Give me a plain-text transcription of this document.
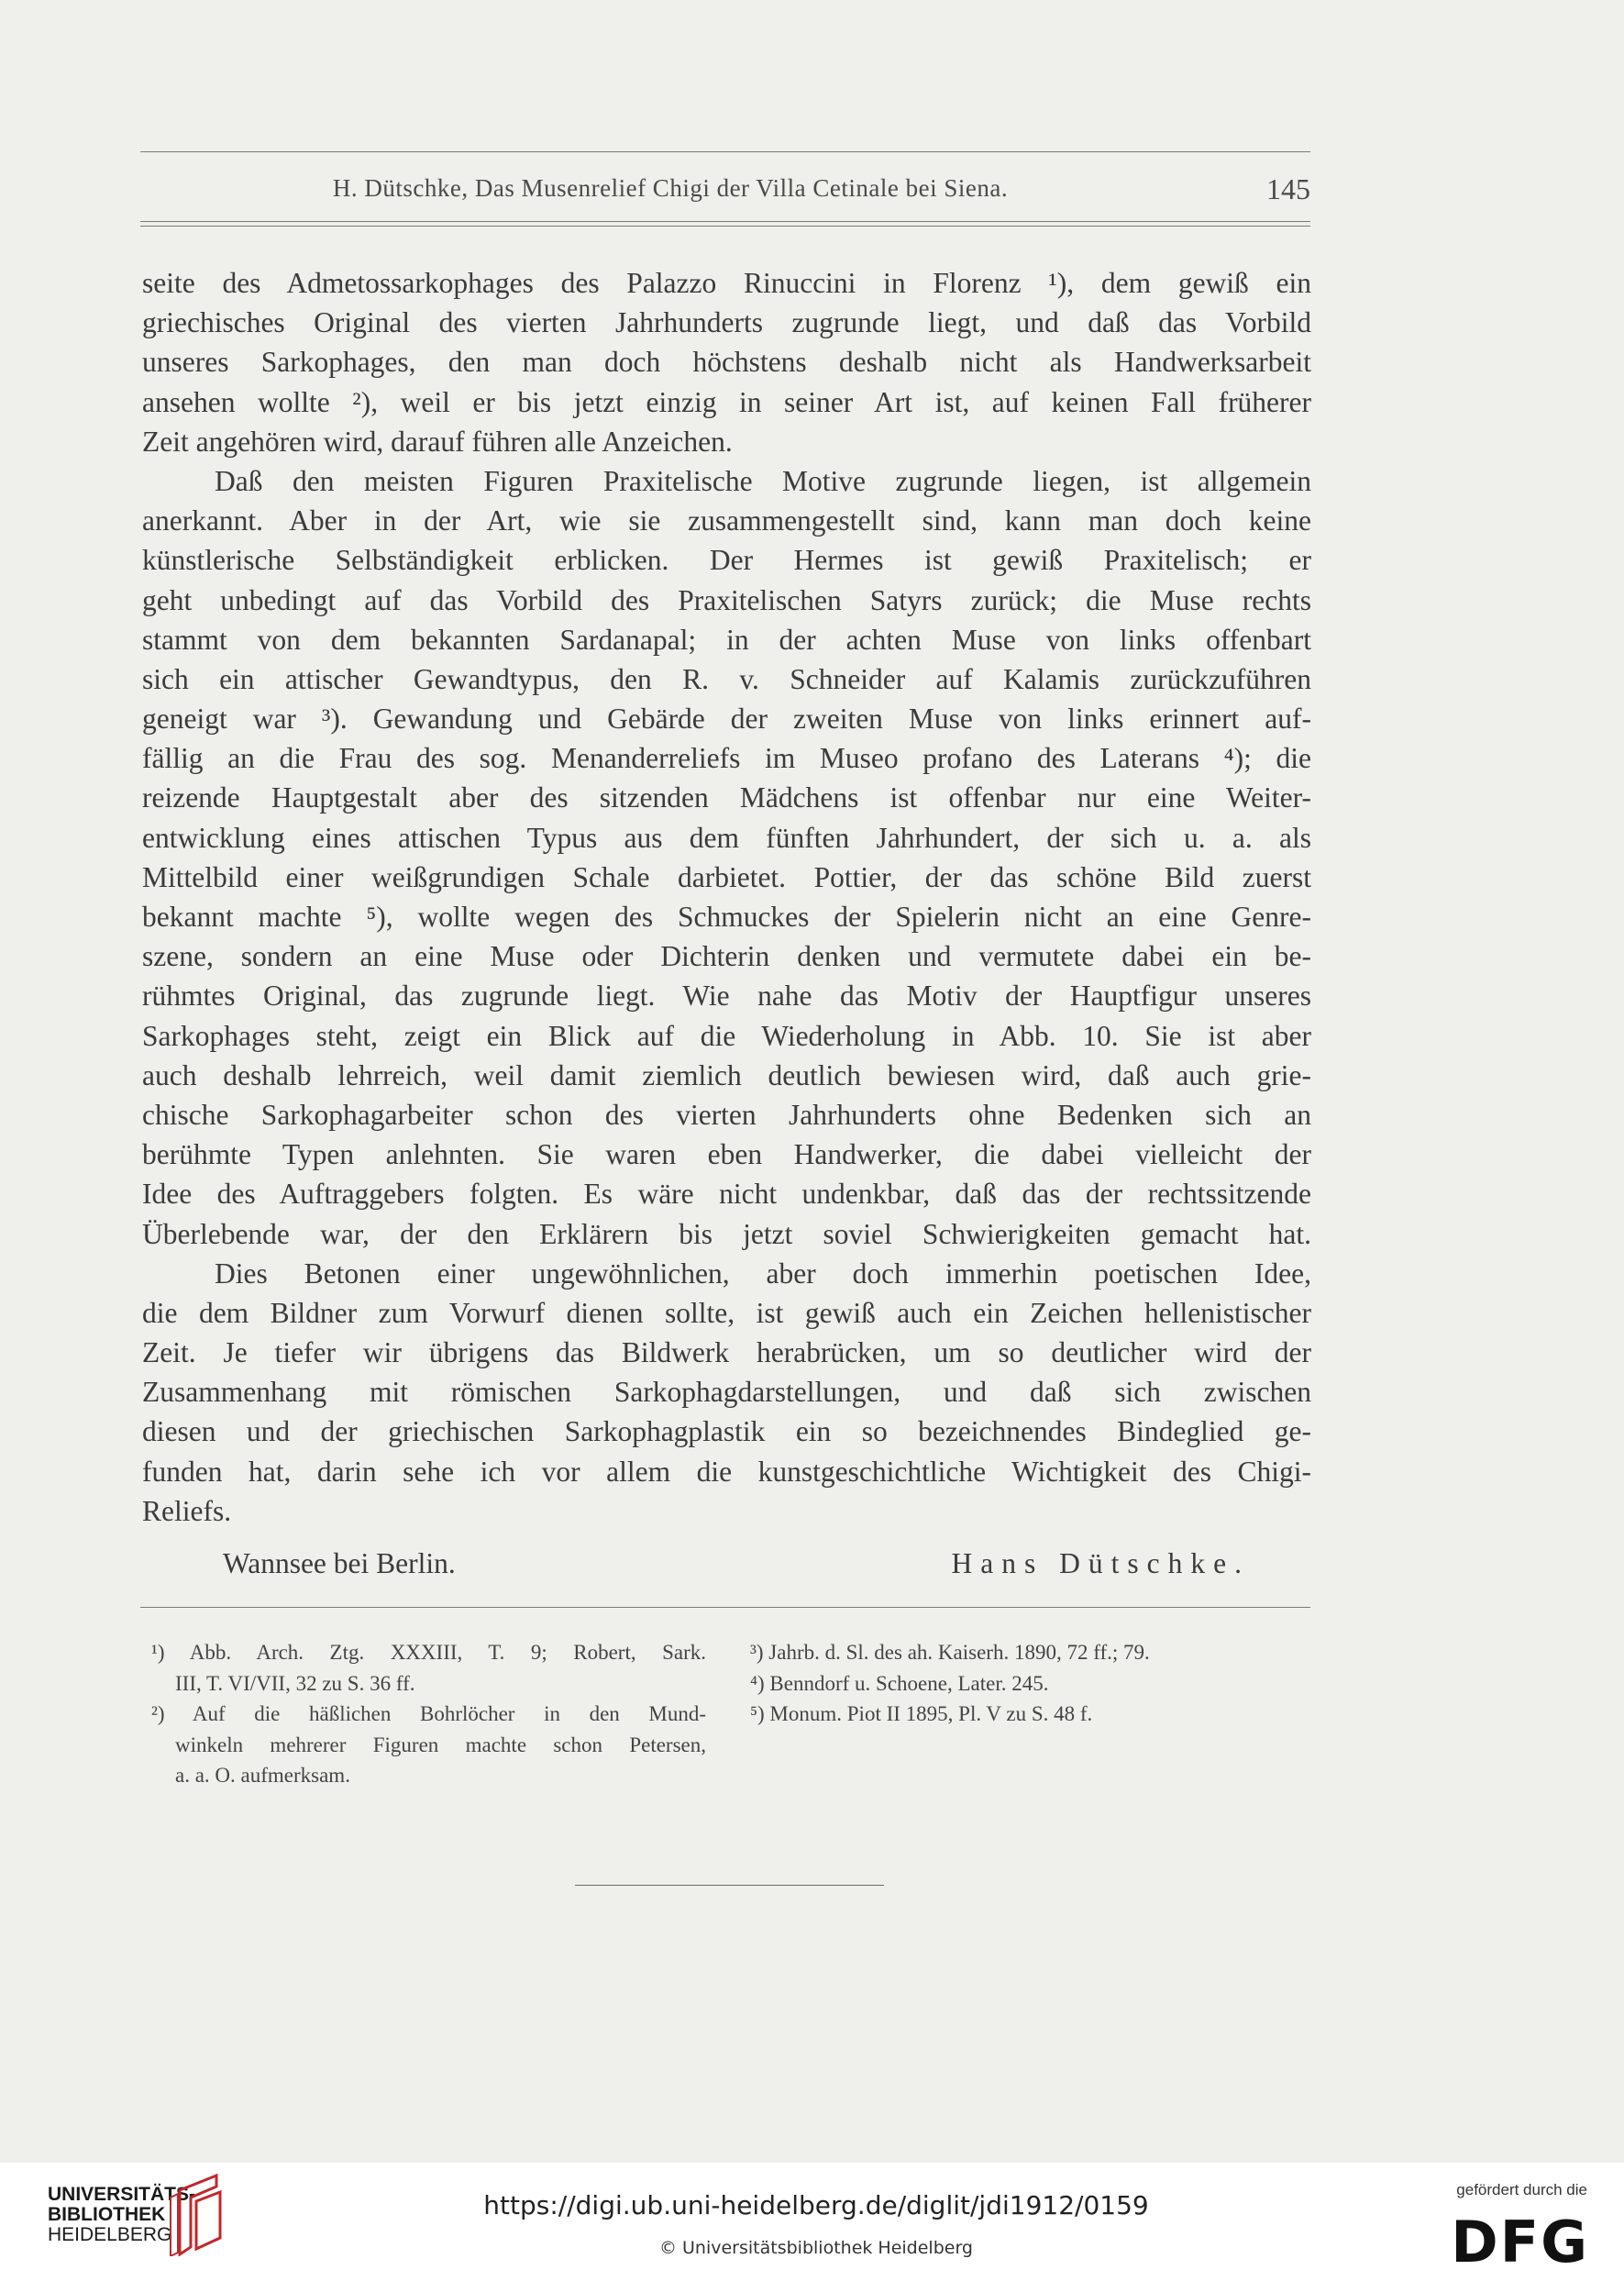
H. Dütschke, Das Musenrelief Chigi der Villa Cetinale bei Siena.	145
seite des Admetossarkophages des Palazzo Rinuccini in Florenz ¹), dem gewiß ein
griechisches Original des vierten Jahrhunderts zugrunde liegt, und daß das Vorbild
unseres Sarkophages, den man doch höchstens deshalb nicht als Handwerksarbeit
ansehen wollte ²), weil er bis jetzt einzig in seiner Art ist, auf keinen Fall früherer
Zeit angehören wird, darauf führen alle Anzeichen.
Daß den meisten Figuren Praxitelische Motive zugrunde liegen, ist allgemein
anerkannt. Aber in der Art, wie sie zusammengestellt sind, kann man doch keine
künstlerische Selbständigkeit erblicken. Der Hermes ist gewiß Praxitelisch; er
geht unbedingt auf das Vorbild des Praxitelischen Satyrs zurück; die Muse rechts
stammt von dem bekannten Sardanapal; in der achten Muse von links offenbart
sich ein attischer Gewandtypus, den R. v. Schneider auf Kalamis zurückzuführen
geneigt war ³). Gewandung und Gebärde der zweiten Muse von links erinnert auf-
fällig an die Frau des sog. Menanderreliefs im Museo profano des Laterans ⁴); die
reizende Hauptgestalt aber des sitzenden Mädchens ist offenbar nur eine Weiter-
entwicklung eines attischen Typus aus dem fünften Jahrhundert, der sich u. a. als
Mittelbild einer weißgrundigen Schale darbietet. Pottier, der das schöne Bild zuerst
bekannt machte ⁵), wollte wegen des Schmuckes der Spielerin nicht an eine Genre-
szene, sondern an eine Muse oder Dichterin denken und vermutete dabei ein be-
rühmtes Original, das zugrunde liegt. Wie nahe das Motiv der Hauptfigur unseres
Sarkophages steht, zeigt ein Blick auf die Wiederholung in Abb. 10. Sie ist aber
auch deshalb lehrreich, weil damit ziemlich deutlich bewiesen wird, daß auch grie-
chische Sarkophagarbeiter schon des vierten Jahrhunderts ohne Bedenken sich an
berühmte Typen anlehnten. Sie waren eben Handwerker, die dabei vielleicht der
Idee des Auftraggebers folgten. Es wäre nicht undenkbar, daß das der rechtssitzende
Überlebende war, der den Erklärern bis jetzt soviel Schwierigkeiten gemacht hat.
Dies Betonen einer ungewöhnlichen, aber doch immerhin poetischen Idee,
die dem Bildner zum Vorwurf dienen sollte, ist gewiß auch ein Zeichen hellenistischer
Zeit. Je tiefer wir übrigens das Bildwerk herabrücken, um so deutlicher wird der
Zusammenhang mit römischen Sarkophagdarstellungen, und daß sich zwischen
diesen und der griechischen Sarkophagplastik ein so bezeichnendes Bindeglied ge-
funden hat, darin sehe ich vor allem die kunstgeschichtliche Wichtigkeit des Chigi-
Reliefs.
Wannsee bei Berlin.	Hans Dütschke.
¹) Abb. Arch. Ztg. XXXIII, T. 9; Robert, Sark.
III, T. VI/VII, 32 zu S. 36 ff.
²) Auf die häßlichen Bohrlöcher in den Mund-
winkeln mehrerer Figuren machte schon Petersen,
a. a. O. aufmerksam.
³) Jahrb. d. Sl. des ah. Kaiserh. 1890, 72 ff.; 79.
⁴) Benndorf u. Schoene, Later. 245.
⁵) Monum. Piot II 1895, Pl. V zu S. 48 f.
UNIVERSITÄTS-
BIBLIOTHEK
HEIDELBERG
https://digi.ub.uni-heidelberg.de/diglit/jdi1912/0159
© Universitätsbibliothek Heidelberg
gefördert durch die
DFG
